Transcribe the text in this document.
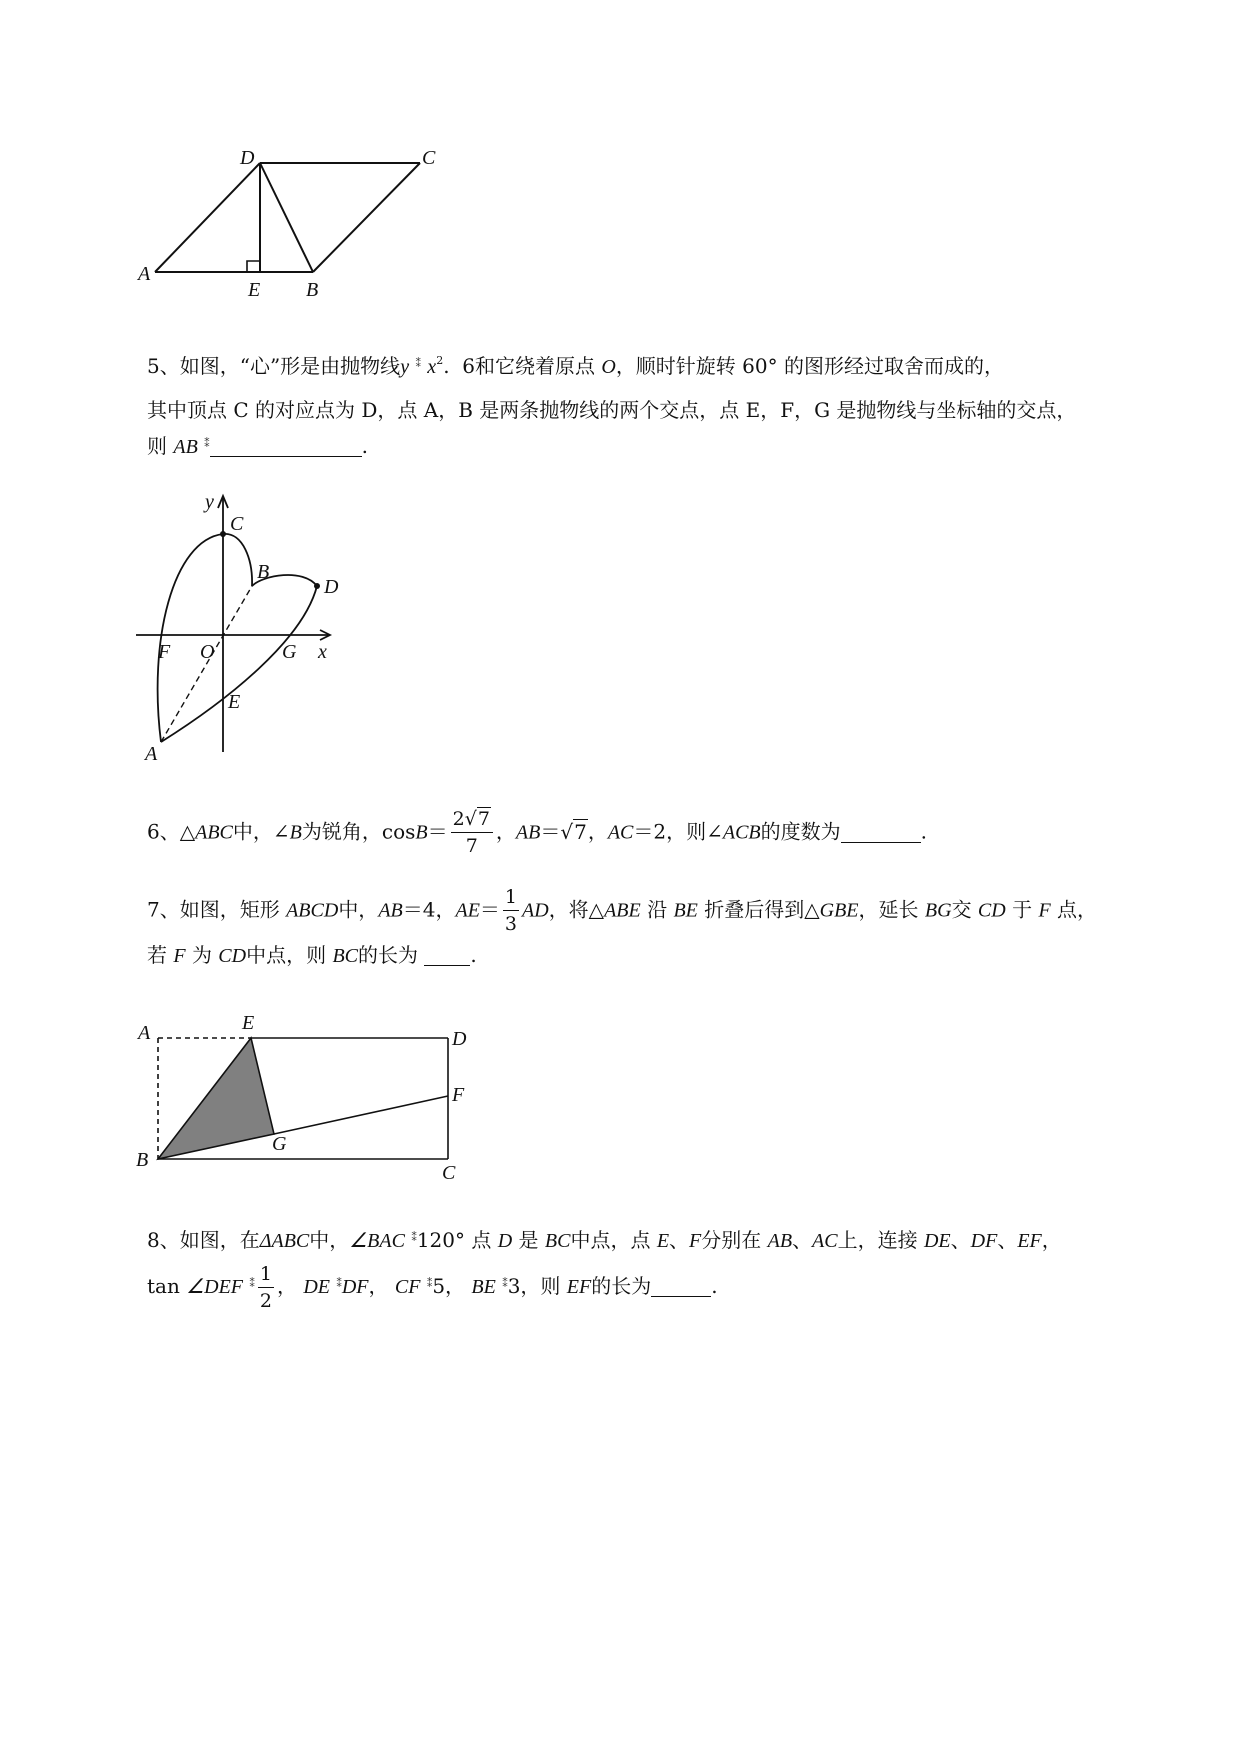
A
D	C
E B
5、如图，“心”形是由抛物线y ⁑ $x^2$.  6和它绕着原点 O，顺时针旋转 60° 的图形经过取舍而成的，
其中顶点 C 的对应点为 D，点 A，B 是两条抛物线的两个交点，点 E，F，G 是抛物线与坐标轴的交点，
则 AB ⁑	.
y
C
B
D
F O	G x
E
A
6、△ABC中，∠B为锐角，$\cos B= \frac{2√7}{7}$ ，AB＝√7，AC＝2，则∠ACB的度数为	.
7、如图，矩形 ABCD中，AB＝4，$AE= \frac{1}{3}$ AD，将△ABE 沿 BE 折叠后得到△GBE，延长 BG交 CD 于 F 点，
若 F 为 CD中点，则 BC的长为	.
A	E
D
F
G
B
C
8、如图，在ΔABC中，∠BAC ⁑120° 点 D 是 BC中点，点 E、F分别在 AB、AC上，连接 DE、DF、EF，
tan ∠DEF $^⁑ \frac{1}{2}$ ， DE ⁑DF， CF ⁑5， BE ⁑3，则 EF的长为	.
